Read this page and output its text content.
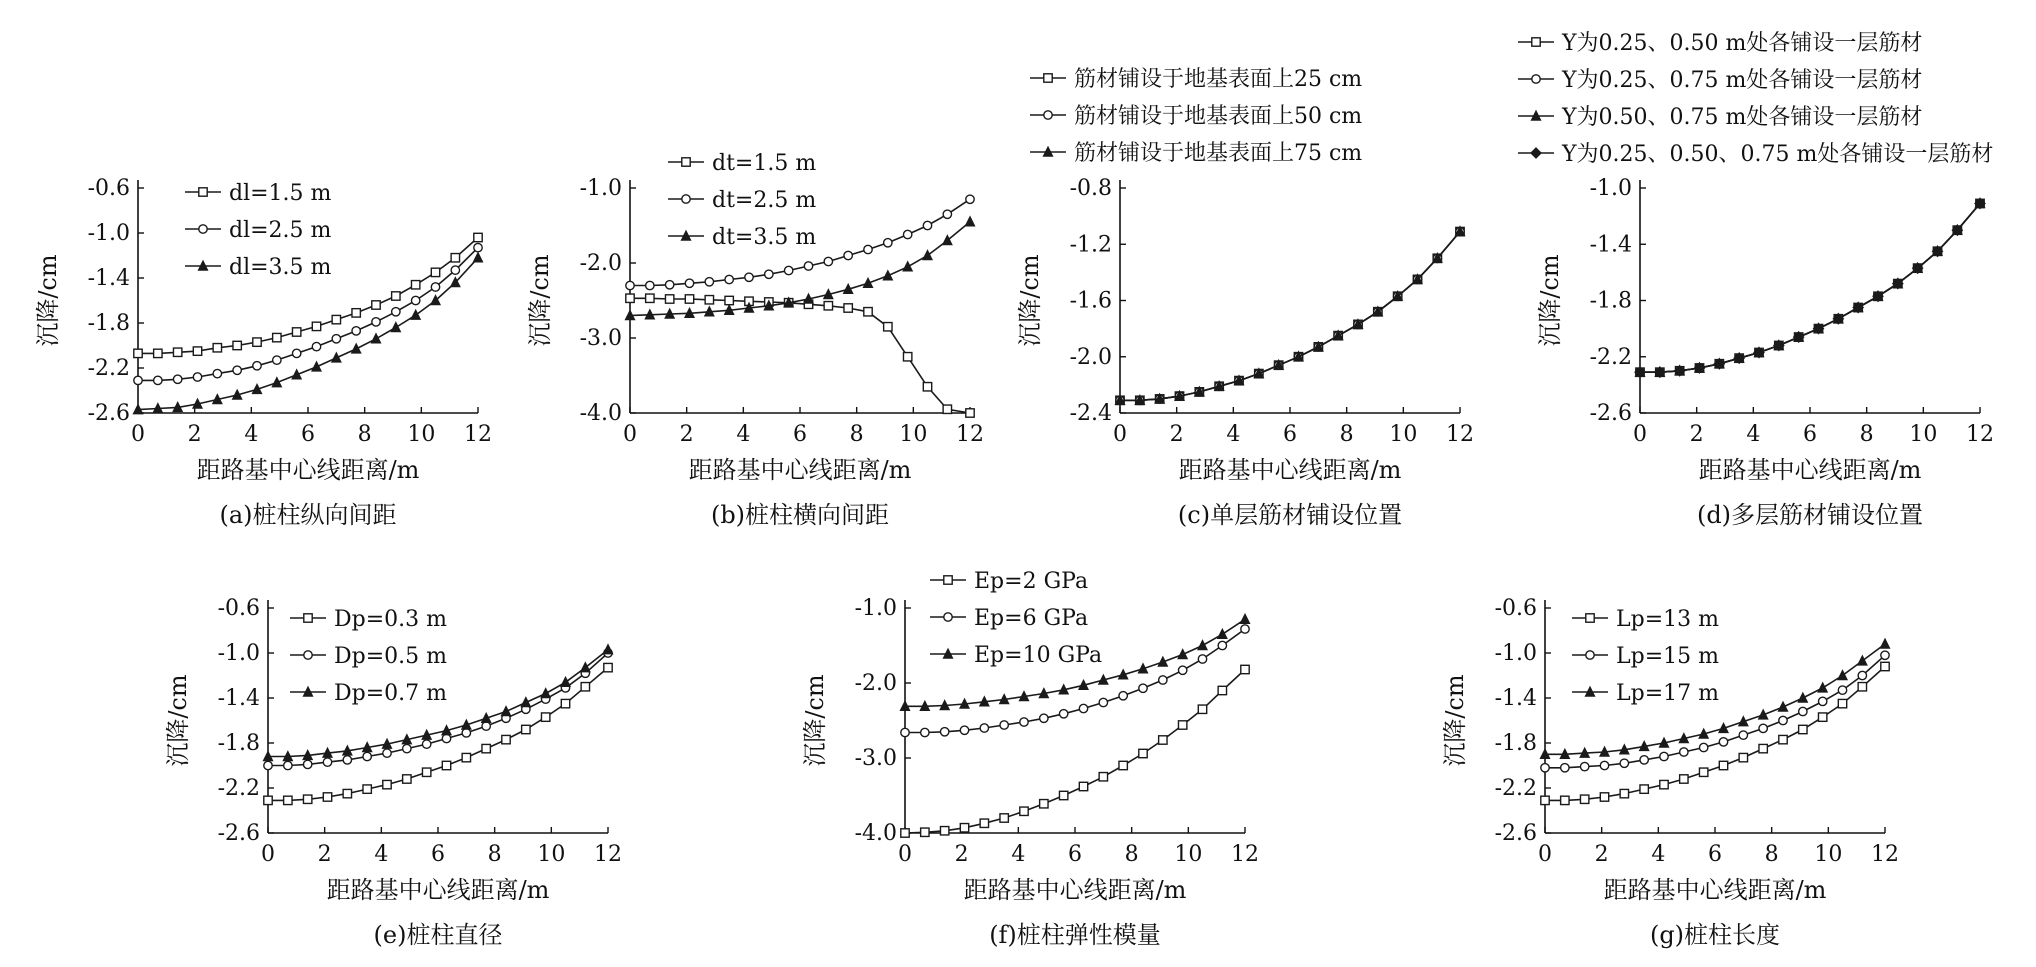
0 2 4 6 8 10 12
-0.6
-1.0
-1.4
-1.8
-2.2
-2.6
距路基中心线距离/m
沉降/cm
(a)桩柱纵向间距
dl=1.5 m
dl=2.5 m
dl=3.5 m
0 2 4 6 8 10 12
-1.0
-2.0
-3.0
-4.0
距路基中心线距离/m
沉降/cm
(b)桩柱横向间距
dt=1.5 m
dt=2.5 m
dt=3.5 m
0 2 4 6 8 10 12
-0.8
-1.2
-1.6
-2.0
-2.4
距路基中心线距离/m
沉降/cm
(c)单层筋材铺设位置
筋材铺设于地基表面上25 cm
筋材铺设于地基表面上50 cm
筋材铺设于地基表面上75 cm
0 2 4 6 8 10 12
-1.0
-1.4
-1.8
-2.2
-2.6
距路基中心线距离/m
沉降/cm
(d)多层筋材铺设位置
Y为0.25、0.50 m处各铺设一层筋材
Y为0.25、0.75 m处各铺设一层筋材
Y为0.50、0.75 m处各铺设一层筋材
Y为0.25、0.50、0.75 m处各铺设一层筋材
0 2 4 6 8 10 12
-0.6
-1.0
-1.4
-1.8
-2.2
-2.6
距路基中心线距离/m
沉降/cm
(e)桩柱直径
Dp=0.3 m
Dp=0.5 m
Dp=0.7 m
0 2 4 6 8 10 12
-1.0
-2.0
-3.0
-4.0
距路基中心线距离/m
沉降/cm
(f)桩柱弹性模量
Ep=2 GPa
Ep=6 GPa
Ep=10 GPa
0 2 4 6 8 10 12
-0.6
-1.0
-1.4
-1.8
-2.2
-2.6
距路基中心线距离/m
沉降/cm
(g)桩柱长度
Lp=13 m
Lp=15 m
Lp=17 m
